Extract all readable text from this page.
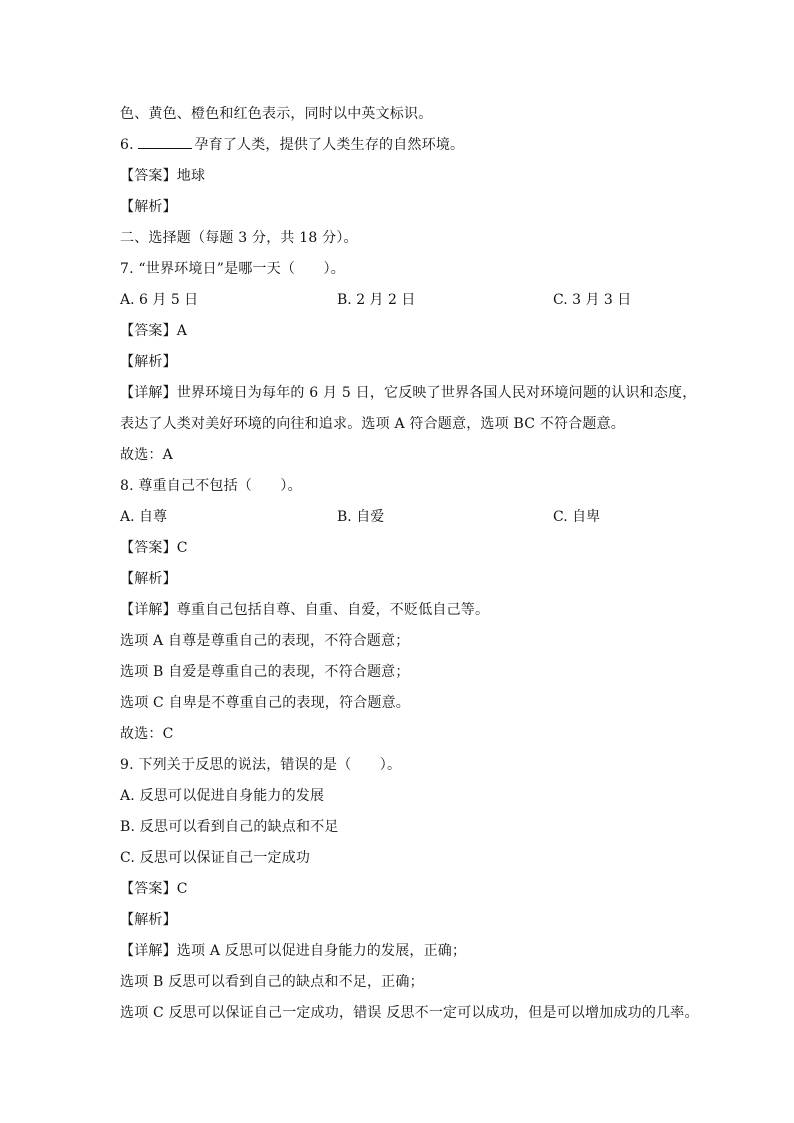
色、黄色、橙色和红色表示，同时以中英文标识。
6.	孕育了人类，提供了人类生存的自然环境。
【答案】地球
【解析】
二、选择题（每题 3 分，共 18 分）。
7. “世界环境日”是哪一天（　　）。
A. 6 月 5 日	B. 2 月 2 日	C. 3 月 3 日
【答案】A
【解析】
【详解】世界环境日为每年的 6 月 5 日，它反映了世界各国人民对环境问题的认识和态度，
表达了人类对美好环境的向往和追求。选项 A 符合题意，选项 BC 不符合题意。
故选：A
8. 尊重自己不包括（　　）。
A. 自尊	B. 自爱	C. 自卑
【答案】C
【解析】
【详解】尊重自己包括自尊、自重、自爱，不贬低自己等。
选项 A 自尊是尊重自己的表现，不符合题意；
选项 B 自爱是尊重自己的表现，不符合题意；
选项 C 自卑是不尊重自己的表现，符合题意。
故选：C
9. 下列关于反思的说法，错误的是（　　）。
A. 反思可以促进自身能力的发展
B. 反思可以看到自己的缺点和不足
C. 反思可以保证自己一定成功
【答案】C
【解析】
【详解】选项 A 反思可以促进自身能力的发展，正确；
选项 B 反思可以看到自己的缺点和不足，正确；
选项 C 反思可以保证自己一定成功，错误 反思不一定可以成功，但是可以增加成功的几率。
